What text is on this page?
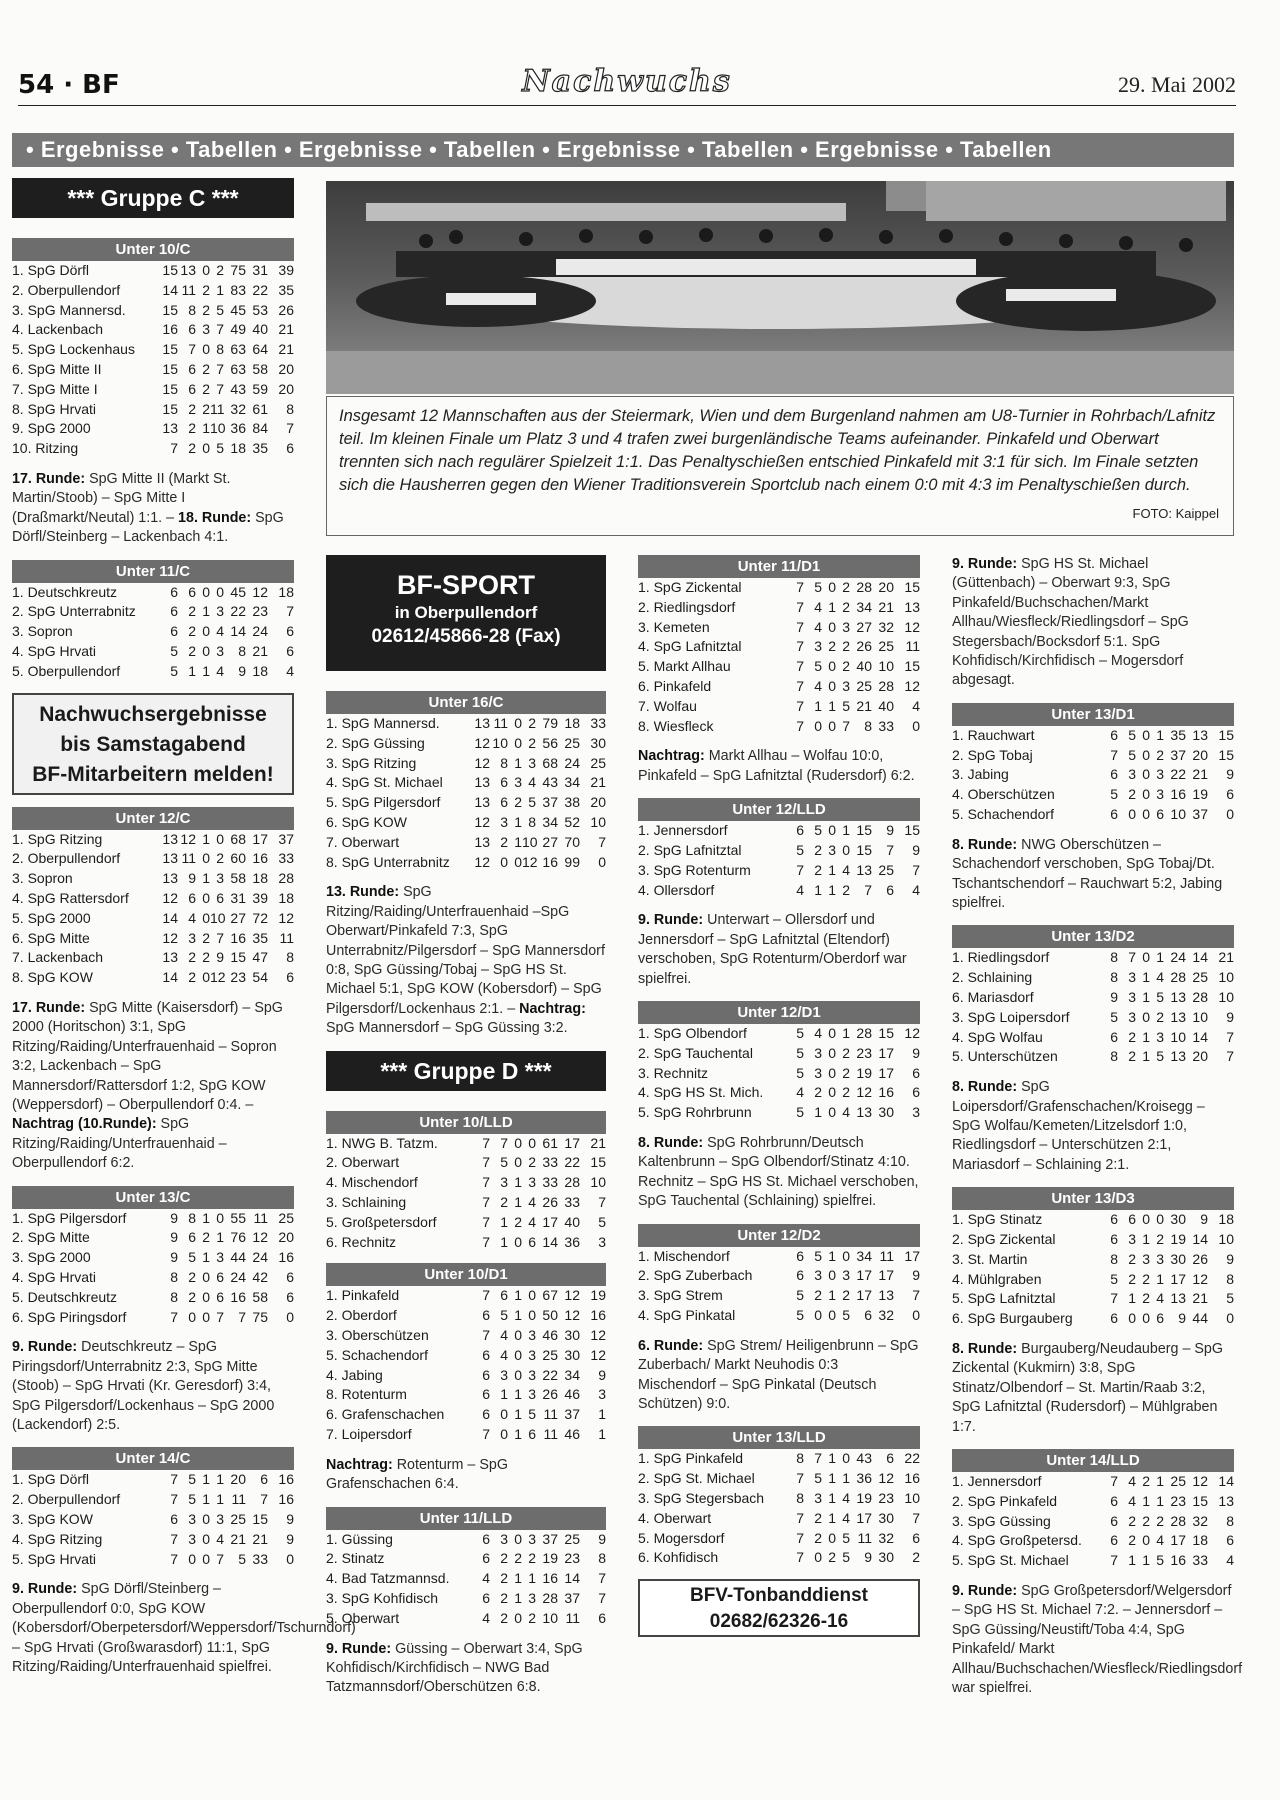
54 · BF	Nachwuchs	29. Mai 2002
• Ergebnisse • Tabellen • Ergebnisse • Tabellen • Ergebnisse • Tabellen • Ergebnisse • Tabellen
*** Gruppe C ***
Unter 10/C
1. SpG Dörfl	15 13 0 2 75 31 39
2. Oberpullendorf	14 11 2 1 83 22 35
3. SpG Mannersd.	15 8 2 5 45 53 26
4. Lackenbach	16 6 3 7 49 40 21
5. SpG Lockenhaus	15 7 0 8 63 64 21
6. SpG Mitte II	15 6 2 7 63 58 20
7. SpG Mitte I	15 6 2 7 43 59 20
8. SpG Hrvati	15 2 2 11 32 61	8
9. SpG 2000	13 2 1 10 36 84	7
10. Ritzing	7 2 0 5 18 35	6
17. Runde: SpG Mitte II (Markt St. Martin/Stoob) – SpG Mitte I (Draßmarkt/Neutal) 1:1. – 18. Runde: SpG Dörfl/Steinberg – Lackenbach 4:1.
Unter 11/C
1. Deutschkreutz	6 6 0 0 45 12 18
2. SpG Unterrabnitz	6 2 1 3 22 23	7
3. Sopron	6 2 0 4 14 24	6
4. SpG Hrvati	5 2 0 3	8 21	6
5. Oberpullendorf	5 1 1 4	9 18	4
Nachwuchsergebnisse
bis Samstagabend
BF-Mitarbeitern melden!
Unter 12/C
1. SpG Ritzing	13 12 1 0 68 17 37
2. Oberpullendorf	13 11 0 2 60 16 33
3. Sopron	13 9 1 3 58 18 28
4. SpG Rattersdorf	12 6 0 6 31 39 18
5. SpG 2000	14 4 0 10 27 72 12
6. SpG Mitte	12 3 2 7 16 35 11
7. Lackenbach	13 2 2 9 15 47	8
8. SpG KOW	14 2 0 12 23 54	6
17. Runde: SpG Mitte (Kaisersdorf) – SpG 2000 (Horitschon) 3:1, SpG Ritzing/Raiding/Unterfrauenhaid – Sopron 3:2, Lackenbach – SpG Mannersdorf/Rattersdorf 1:2, SpG KOW (Weppersdorf) – Oberpullendorf 0:4. – Nachtrag (10.Runde): SpG Ritzing/Raiding/Unterfrauenhaid – Oberpullendorf 6:2.
Unter 13/C
1. SpG Pilgersdorf	9 8 1 0 55 11 25
2. SpG Mitte	9 6 2 1 76 12 20
3. SpG 2000	9 5 1 3 44 24 16
4. SpG Hrvati	8 2 0 6 24 42	6
5. Deutschkreutz	8 2 0 6 16 58	6
6. SpG Piringsdorf	7 0 0 7	7 75	0
9. Runde: Deutschkreutz – SpG Piringsdorf/Unterrabnitz 2:3, SpG Mitte (Stoob) – SpG Hrvati (Kr. Geresdorf) 3:4, SpG Pilgersdorf/Lockenhaus – SpG 2000 (Lackendorf) 2:5.
Unter 14/C
1. SpG Dörfl	7 5 1 1 20	6 16
2. Oberpullendorf	7 5 1 1 11	7 16
3. SpG KOW	6 3 0 3 25 15	9
4. SpG Ritzing	7 3 0 4 21 21	9
5. SpG Hrvati	7 0 0 7	5 33	0
9. Runde: SpG Dörfl/Steinberg – Oberpullendorf 0:0, SpG KOW (Kobersdorf/Oberpetersdorf/Weppersdorf/Tschurndorf) – SpG Hrvati (Großwarasdorf) 11:1, SpG Ritzing/Raiding/Unterfrauenhaid spielfrei.
Insgesamt 12 Mannschaften aus der Steiermark, Wien und dem Burgenland nahmen am U8-Turnier in Rohrbach/Lafnitz teil. Im kleinen Finale um Platz 3 und 4 trafen zwei burgenländische Teams aufeinander. Pinkafeld und Oberwart trennten sich nach regulärer Spielzeit 1:1. Das Penaltyschießen entschied Pinkafeld mit 3:1 für sich. Im Finale setzten sich die Hausherren gegen den Wiener Traditionsverein Sportclub nach einem 0:0 mit 4:3 im Penaltyschießen durch.
FOTO: Kaippel
BF-SPORT
in Oberpullendorf
02612/45866-28 (Fax)
Unter 16/C
1. SpG Mannersd.	13 11 0 2 79 18 33
2. SpG Güssing	12 10 0 2 56 25 30
3. SpG Ritzing	12 8 1 3 68 24 25
4. SpG St. Michael	13 6 3 4 43 34 21
5. SpG Pilgersdorf	13 6 2 5 37 38 20
6. SpG KOW	12 3 1 8 34 52 10
7. Oberwart	13 2 1 10 27 70	7
8. SpG Unterrabnitz	12 0 0 12 16 99	0
13. Runde: SpG Ritzing/Raiding/Unterfrauenhaid –SpG Oberwart/Pinkafeld 7:3, SpG Unterrabnitz/Pilgersdorf – SpG Mannersdorf 0:8, SpG Güssing/Tobaj – SpG HS St. Michael 5:1, SpG KOW (Kobersdorf) – SpG Pilgersdorf/Lockenhaus 2:1. – Nachtrag: SpG Mannersdorf – SpG Güssing 3:2.
*** Gruppe D ***
Unter 10/LLD
1. NWG B. Tatzm.	7 7 0 0 61 17 21
2. Oberwart	7 5 0 2 33 22 15
4. Mischendorf	7 3 1 3 33 28 10
3. Schlaining	7 2 1 4 26 33	7
5. Großpetersdorf	7 1 2 4 17 40	5
6. Rechnitz	7 1 0 6 14 36	3
Unter 10/D1
1. Pinkafeld	7 6 1 0 67 12 19
2. Oberdorf	6 5 1 0 50 12 16
3. Oberschützen	7 4 0 3 46 30 12
5. Schachendorf	6 4 0 3 25 30 12
4. Jabing	6 3 0 3 22 34	9
8. Rotenturm	6 1 1 3 26 46	3
6. Grafenschachen	6 0 1 5 11 37	1
7. Loipersdorf	7 0 1 6 11 46	1
Nachtrag: Rotenturm – SpG Grafenschachen 6:4.
Unter 11/LLD
1. Güssing	6 3 0 3 37 25	9
2. Stinatz	6 2 2 2 19 23	8
4. Bad Tatzmannsd.	4 2 1 1 16 14	7
3. SpG Kohfidisch	6 2 1 3 28 37	7
5. Oberwart	4 2 0 2 10 11	6
9. Runde: Güssing – Oberwart 3:4, SpG Kohfidisch/Kirchfidisch – NWG Bad Tatzmannsdorf/Oberschützen 6:8.
Unter 11/D1
1. SpG Zickental	7 5 0 2 28 20 15
2. Riedlingsdorf	7 4 1 2 34 21 13
3. Kemeten	7 4 0 3 27 32 12
4. SpG Lafnitztal	7 3 2 2 26 25 11
5. Markt Allhau	7 5 0 2 40 10 15
6. Pinkafeld	7 4 0 3 25 28 12
7. Wolfau	7 1 1 5 21 40	4
8. Wiesfleck	7 0 0 7	8 33	0
Nachtrag: Markt Allhau – Wolfau 10:0, Pinkafeld – SpG Lafnitztal (Rudersdorf) 6:2.
Unter 12/LLD
1. Jennersdorf	6 5 0 1 15	9 15
2. SpG Lafnitztal	5 2 3 0 15	7	9
3. SpG Rotenturm	7 2 1 4 13 25	7
4. Ollersdorf	4 1 1 2	7	6	4
9. Runde: Unterwart – Ollersdorf und Jennersdorf – SpG Lafnitztal (Eltendorf) verschoben, SpG Rotenturm/Oberdorf war spielfrei.
Unter 12/D1
1. SpG Olbendorf	5 4 0 1 28 15 12
2. SpG Tauchental	5 3 0 2 23 17	9
3. Rechnitz	5 3 0 2 19 17	6
4. SpG HS St. Mich.	4 2 0 2 12 16	6
5. SpG Rohrbrunn	5 1 0 4 13 30	3
8. Runde: SpG Rohrbrunn/Deutsch Kaltenbrunn – SpG Olbendorf/Stinatz 4:10. Rechnitz – SpG HS St. Michael verschoben, SpG Tauchental (Schlaining) spielfrei.
Unter 12/D2
1. Mischendorf	6 5 1 0 34 11 17
2. SpG Zuberbach	6 3 0 3 17 17	9
3. SpG Strem	5 2 1 2 17 13	7
4. SpG Pinkatal	5 0 0 5	6 32	0
6. Runde: SpG Strem/ Heiligenbrunn – SpG Zuberbach/ Markt Neuhodis 0:3 Mischendorf – SpG Pinkatal (Deutsch Schützen) 9:0.
Unter 13/LLD
1. SpG Pinkafeld	8 7 1 0 43	6 22
2. SpG St. Michael	7 5 1 1 36 12 16
3. SpG Stegersbach	8 3 1 4 19 23 10
4. Oberwart	7 2 1 4 17 30	7
5. Mogersdorf	7 2 0 5 11 32	6
6. Kohfidisch	7 0 2 5	9 30	2
BFV-Tonbanddienst
02682/62326-16
9. Runde: SpG HS St. Michael (Güttenbach) – Oberwart 9:3, SpG Pinkafeld/Buchschachen/Markt Allhau/Wiesfleck/Riedlingsdorf – SpG Stegersbach/Bocksdorf 5:1. SpG Kohfidisch/Kirchfidisch – Mogersdorf abgesagt.
Unter 13/D1
1. Rauchwart	6 5 0 1 35 13 15
2. SpG Tobaj	7 5 0 2 37 20 15
3. Jabing	6 3 0 3 22 21	9
4. Oberschützen	5 2 0 3 16 19	6
5. Schachendorf	6 0 0 6 10 37	0
8. Runde: NWG Oberschützen – Schachendorf verschoben, SpG Tobaj/Dt. Tschantschendorf – Rauchwart 5:2, Jabing spielfrei.
Unter 13/D2
1. Riedlingsdorf	8 7 0 1 24 14 21
2. Schlaining	8 3 1 4 28 25 10
6. Mariasdorf	9 3 1 5 13 28 10
3. SpG Loipersdorf	5 3 0 2 13 10	9
4. SpG Wolfau	6 2 1 3 10 14	7
5. Unterschützen	8 2 1 5 13 20	7
8. Runde: SpG Loipersdorf/Grafenschachen/Kroisegg – SpG Wolfau/Kemeten/Litzelsdorf 1:0, Riedlingsdorf – Unterschützen 2:1, Mariasdorf – Schlaining 2:1.
Unter 13/D3
1. SpG Stinatz	6 6 0 0 30	9 18
2. SpG Zickental	6 3 1 2 19 14 10
3. St. Martin	8 2 3 3 30 26	9
4. Mühlgraben	5 2 2 1 17 12	8
5. SpG Lafnitztal	7 1 2 4 13 21	5
6. SpG Burgauberg	6 0 0 6	9 44	0
8. Runde: Burgauberg/Neudauberg – SpG Zickental (Kukmirn) 3:8, SpG Stinatz/Olbendorf – St. Martin/Raab 3:2, SpG Lafnitztal (Rudersdorf) – Mühlgraben 1:7.
Unter 14/LLD
1. Jennersdorf	7 4 2 1 25 12 14
2. SpG Pinkafeld	6 4 1 1 23 15 13
3. SpG Güssing	6 2 2 2 28 32	8
4. SpG Großpetersd.	6 2 0 4 17 18	6
5. SpG St. Michael	7 1 1 5 16 33	4
9. Runde: SpG Großpetersdorf/Welgersdorf – SpG HS St. Michael 7:2. – Jennersdorf – SpG Güssing/Neustift/Toba 4:4, SpG Pinkafeld/ Markt Allhau/Buchschachen/Wiesfleck/Riedlingsdorf war spielfrei.
